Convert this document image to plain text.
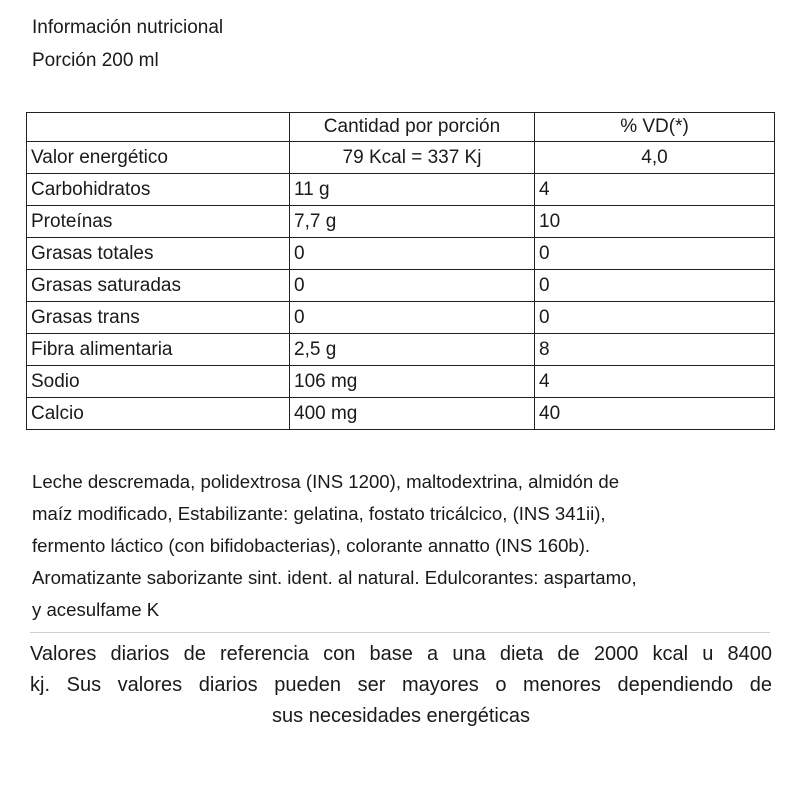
Información nutricional
Porción 200 ml
	Cantidad por porción	% VD(*)
Valor energético	79 Kcal = 337 Kj	4,0
Carbohidratos	11 g	4
Proteínas	7,7 g	10
Grasas totales	0	0
Grasas saturadas	0	0
Grasas trans	0	0
Fibra alimentaria	2,5 g	8
Sodio	106 mg	4
Calcio	400 mg	40
Leche descremada, polidextrosa (INS 1200), maltodextrina, almidón de
maíz modificado, Estabilizante: gelatina, fostato tricálcico, (INS 341ii),
fermento láctico (con bifidobacterias), colorante annatto (INS 160b).
Aromatizante saborizante sint. ident. al natural. Edulcorantes: aspartamo,
y acesulfame K
Valores diarios de referencia con base a una dieta de 2000 kcal u 8400
kj. Sus valores diarios pueden ser mayores o menores dependiendo de
sus necesidades energéticas
